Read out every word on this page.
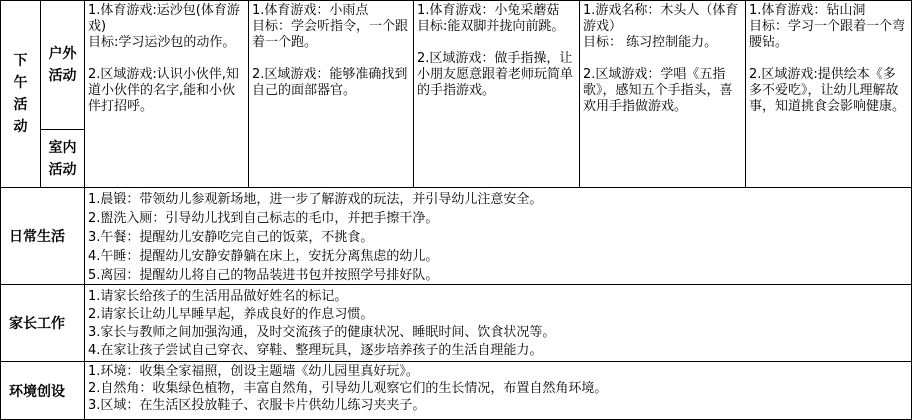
下午活动
户外活动
室内活动

1.体育游戏:运沙包(体育游戏)

目标:学习运沙包的动作。

2.区域游戏:认识小伙伴,知道小伙伴的名字,能和小伙伴打招呼。

1.体育游戏：小雨点

目标：学会听指令，一个跟着一个跑。

2.区域游戏：能够准确找到自己的面部器官。

1.体育游戏：小兔采蘑菇

目标:能双脚并拢向前跳。

2.区域游戏：做手指操，让小朋友愿意跟着老师玩简单的手指游戏。

1.游戏名称：木头人（体育游戏）

目标： 练习控制能力。

2.区域游戏：学唱《五指歌》，感知五个手指头，喜欢用手指做游戏。

1.体育游戏：钻山洞

目标：学习一个跟着一个弯腰钻。

2.区域游戏:提供绘本《多多不爱吃》，让幼儿理解故事，知道挑食会影响健康。

日常生活

1.晨锻：带领幼儿参观新场地，进一步了解游戏的玩法，并引导幼儿注意安全。

2.盥洗入厕：引导幼儿找到自己标志的毛巾，并把手擦干净。

3.午餐：提醒幼儿安静吃完自己的饭菜，不挑食。

4.午睡：提醒幼儿安静安静躺在床上，安抚分离焦虑的幼儿。

5.离园：提醒幼儿将自己的物品装进书包并按照学号排好队。

家长工作

1.请家长给孩子的生活用品做好姓名的标记。

2.请家长让幼儿早睡早起，养成良好的作息习惯。

3.家长与教师之间加强沟通，及时交流孩子的健康状况、睡眠时间、饮食状况等。

4.在家让孩子尝试自己穿衣、穿鞋、整理玩具，逐步培养孩子的生活自理能力。

环境创设

1.环境：收集全家福照，创设主题墙《幼儿园里真好玩》。

2.自然角：收集绿色植物，丰富自然角，引导幼儿观察它们的生长情况，布置自然角环境。

3.区域：在生活区投放鞋子、衣服卡片供幼儿练习夹夹子。
